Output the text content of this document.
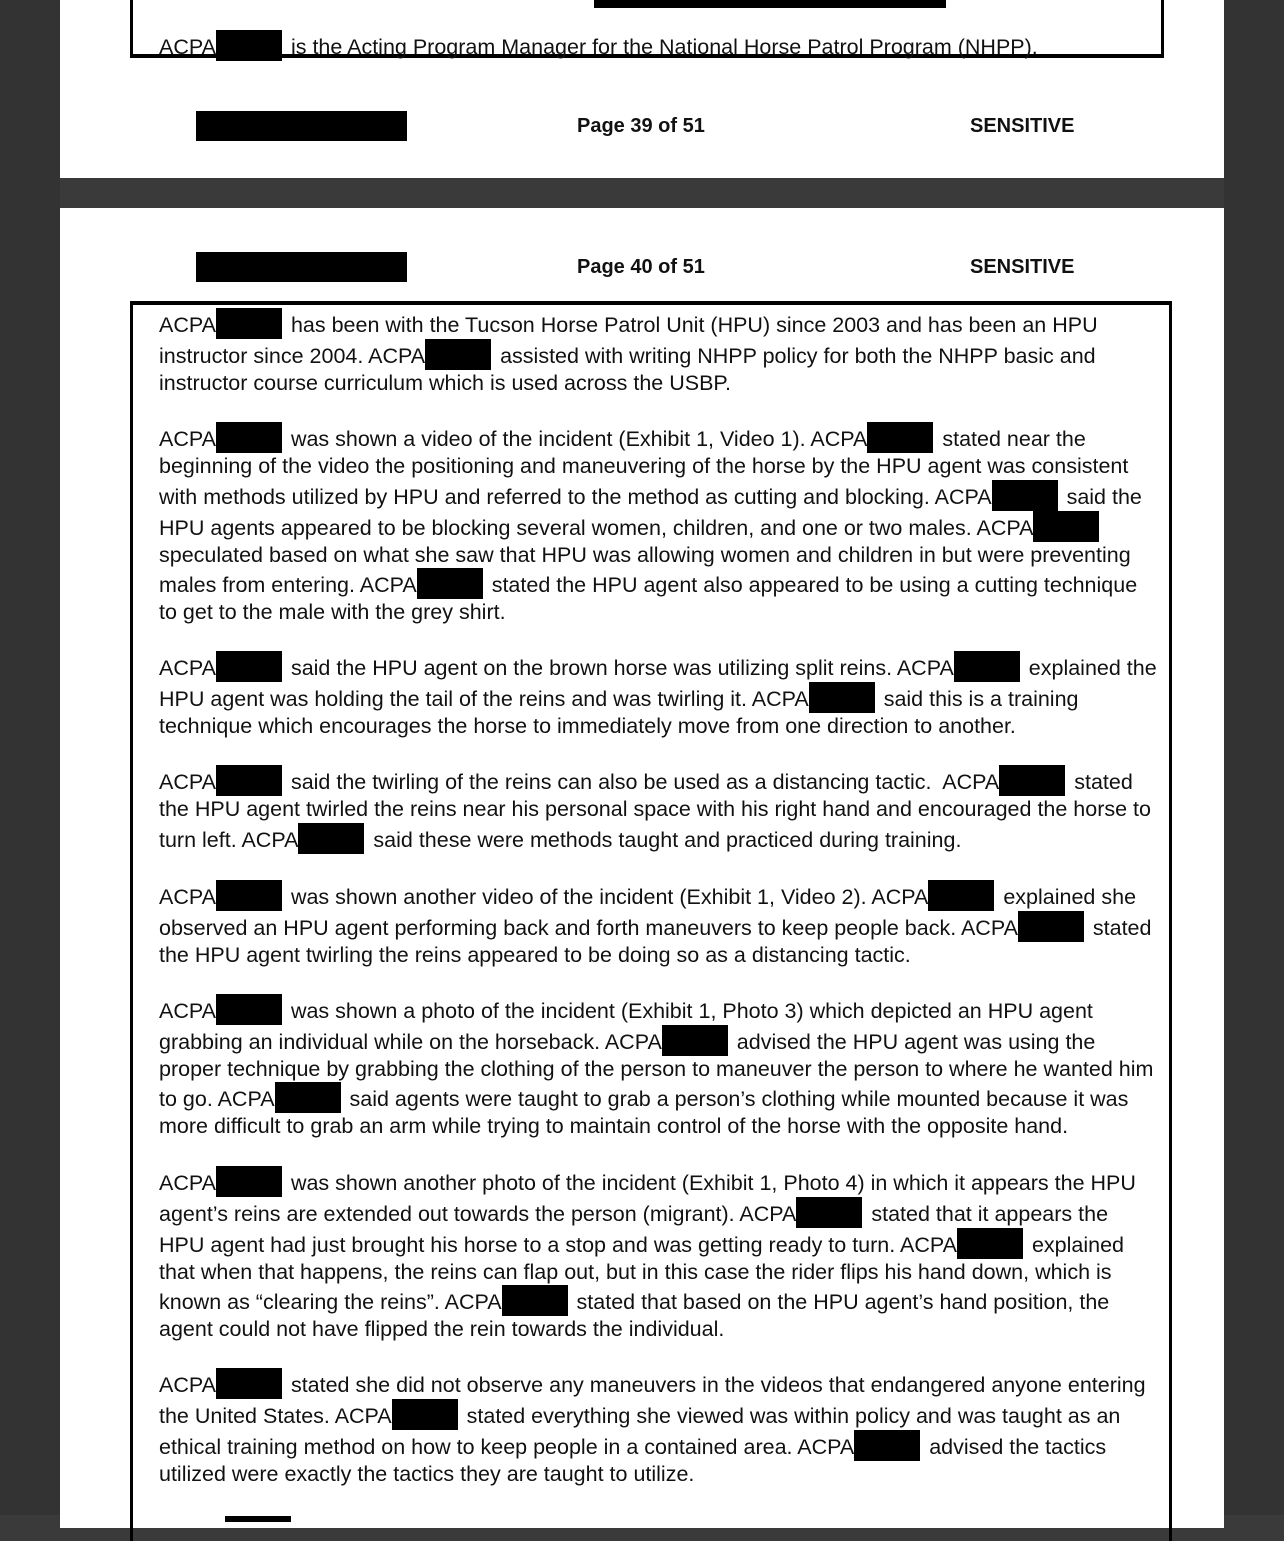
ACPA	is the Acting Program Manager for the National Horse Patrol Program (NHPP).
Page 39 of 51	SENSITIVE
Page 40 of 51	SENSITIVE

ACPA	has been with the Tucson Horse Patrol Unit (HPU) since 2003 and has been an HPU instructor since 2004. ACPA	assisted with writing NHPP policy for both the NHPP basic and instructor course curriculum which is used across the USBP.

ACPA	was shown a video of the incident (Exhibit 1, Video 1). ACPA	stated near the beginning of the video the positioning and maneuvering of the horse by the HPU agent was consistent with methods utilized by HPU and referred to the method as cutting and blocking. ACPA	said the HPU agents appeared to be blocking several women, children, and one or two males. ACPA speculated based on what she saw that HPU was allowing women and children in but were preventing males from entering. ACPA	stated the HPU agent also appeared to be using a cutting technique to get to the male with the grey shirt.

ACPA	said the HPU agent on the brown horse was utilizing split reins. ACPA	explained the HPU agent was holding the tail of the reins and was twirling it. ACPA	said this is a training technique which encourages the horse to immediately move from one direction to another.

ACPA	said the twirling of the reins can also be used as a distancing tactic.  ACPA	stated the HPU agent twirled the reins near his personal space with his right hand and encouraged the horse to turn left. ACPA	said these were methods taught and practiced during training.

ACPA	was shown another video of the incident (Exhibit 1, Video 2). ACPA	explained she observed an HPU agent performing back and forth maneuvers to keep people back. ACPA	stated the HPU agent twirling the reins appeared to be doing so as a distancing tactic.

ACPA	was shown a photo of the incident (Exhibit 1, Photo 3) which depicted an HPU agent grabbing an individual while on the horseback. ACPA	advised the HPU agent was using the proper technique by grabbing the clothing of the person to maneuver the person to where he wanted him to go. ACPA	said agents were taught to grab a person’s clothing while mounted because it was more difficult to grab an arm while trying to maintain control of the horse with the opposite hand.

ACPA	was shown another photo of the incident (Exhibit 1, Photo 4) in which it appears the HPU agent’s reins are extended out towards the person (migrant). ACPA	stated that it appears the HPU agent had just brought his horse to a stop and was getting ready to turn. ACPA	explained that when that happens, the reins can flap out, but in this case the rider flips his hand down, which is known as “clearing the reins”. ACPA	stated that based on the HPU agent’s hand position, the agent could not have flipped the rein towards the individual.

ACPA	stated she did not observe any maneuvers in the videos that endangered anyone entering the United States. ACPA	stated everything she viewed was within policy and was taught as an ethical training method on how to keep people in a contained area. ACPA	advised the tactics utilized were exactly the tactics they are taught to utilize.
